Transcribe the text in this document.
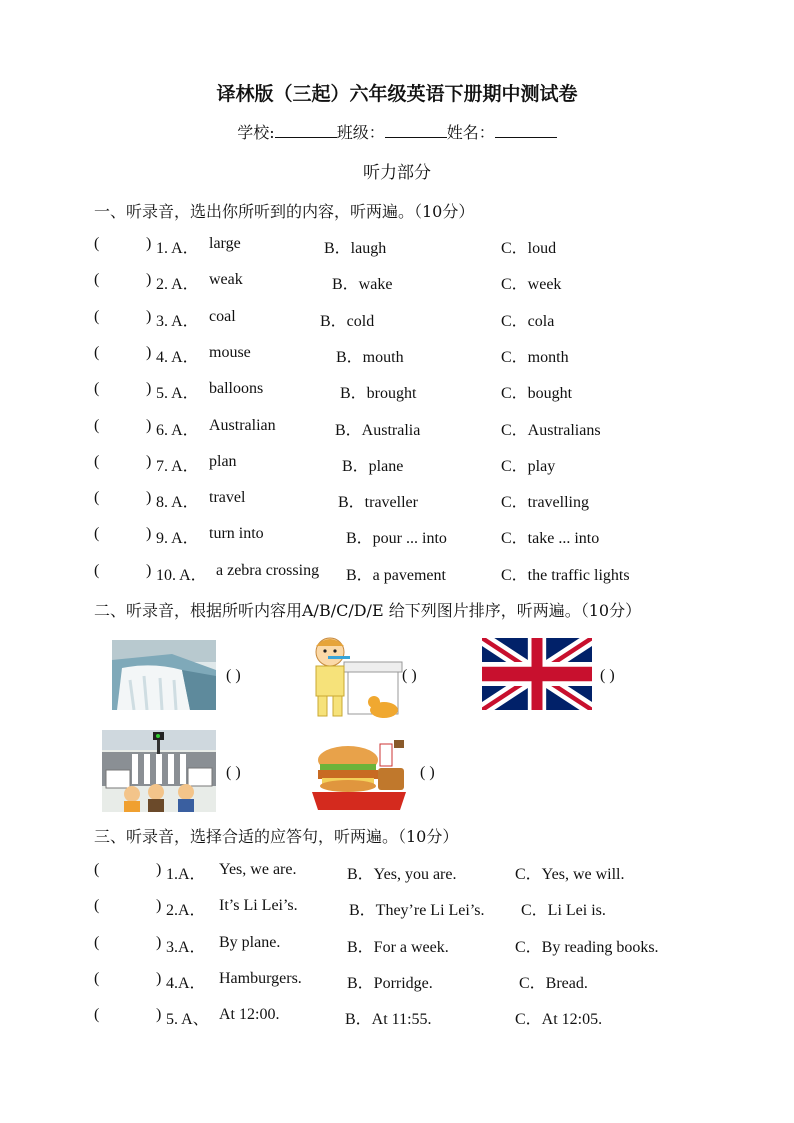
译林版（三起）六年级英语下册期中测试卷
学校:	班级：	姓名：
听力部分
一、听录音，选出你所听到的内容，听两遍。（10分）
(	) 1. A． large	B．laugh	C．loud
(	) 2. A． weak	B．wake	C．week
(	) 3. A． coal	B．cold	C．cola
(	) 4. A． mouse	B．mouth	C．month
(	) 5. A． balloons	B．brought	C．bought
(	) 6. A． Australian	B．Australia	C．Australians
(	) 7. A． plan	B．plane	C．play
(	) 8. A． travel	B．traveller	C．travelling
(	) 9. A． turn into	B．pour ... into	C．take ... into
(	) 10. A． a zebra crossing B．a pavement	C．the traffic lights
二、听录音，根据所听内容用A/B/C/D/E 给下列图片排序，听两遍。（10分）
( )	( )	( )
( )	( )
三、听录音，选择合适的应答句，听两遍。（10分）
(	) 1.A． Yes, we are.	B．Yes, you are.	C．Yes, we will.
(	) 2.A． It’s Li Lei’s.	B．They’re Li Lei’s. C．Li Lei is.
(	) 3.A． By plane.	B．For a week.	C．By reading books.
(	) 4.A． Hamburgers.	B．Porridge.	C．Bread.
(	) 5. A、 At 12:00.	B．At 11:55.	C．At 12:05.
